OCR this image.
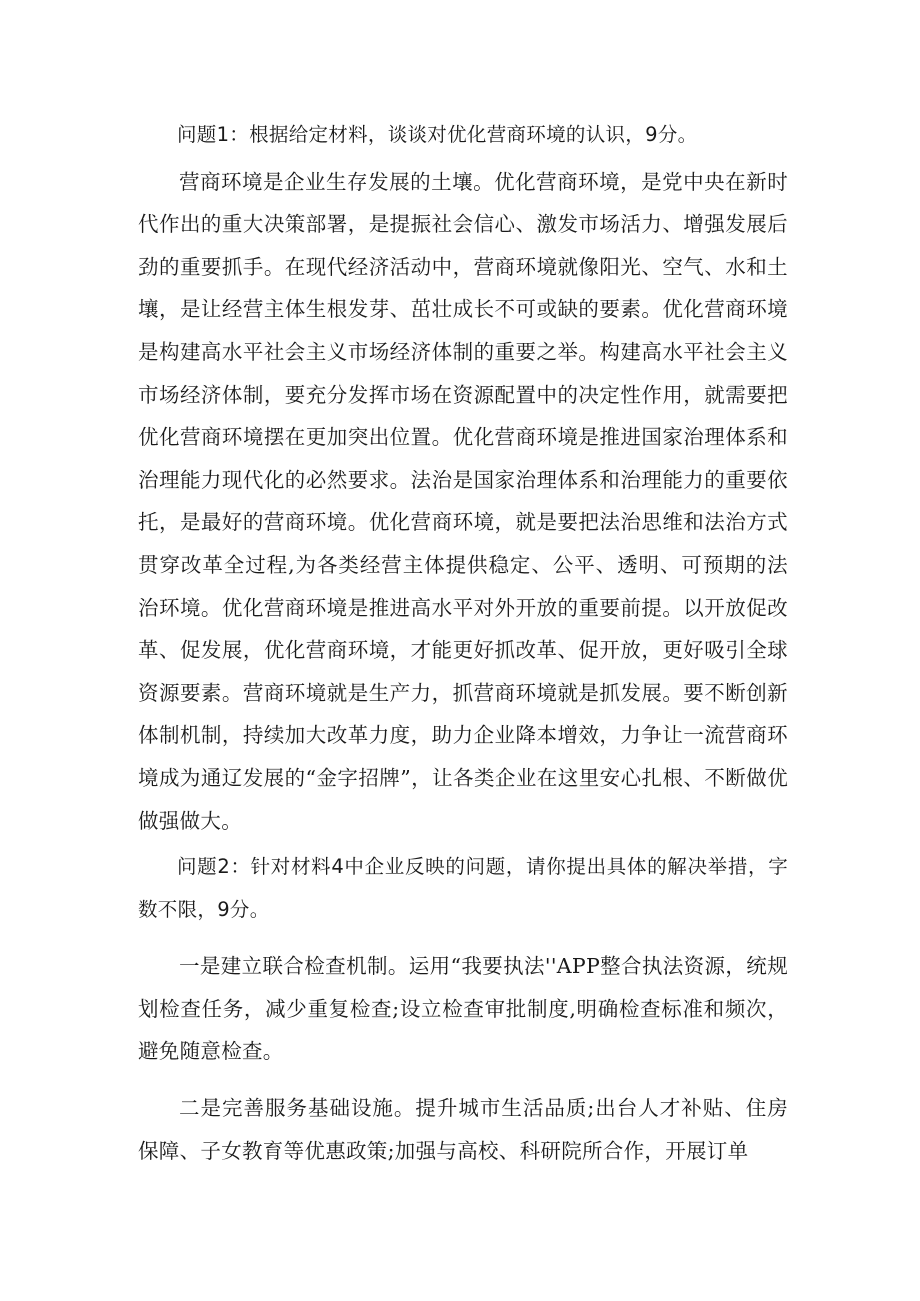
问题1：根据给定材料，谈谈对优化营商环境的认识，9分。

营商环境是企业生存发展的土壤。优化营商环境，是党中央在新时代作出的重大决策部署，是提振社会信心、激发市场活力、增强发展后劲的重要抓手。在现代经济活动中，营商环境就像阳光、空气、水和土壤，是让经营主体生根发芽、茁壮成长不可或缺的要素。优化营商环境是构建高水平社会主义市场经济体制的重要之举。构建高水平社会主义市场经济体制，要充分发挥市场在资源配置中的决定性作用，就需要把优化营商环境摆在更加突出位置。优化营商环境是推进国家治理体系和治理能力现代化的必然要求。法治是国家治理体系和治理能力的重要依托，是最好的营商环境。优化营商环境，就是要把法治思维和法治方式贯穿改革全过程,为各类经营主体提供稳定、公平、透明、可预期的法治环境。优化营商环境是推进高水平对外开放的重要前提。以开放促改革、促发展，优化营商环境，才能更好抓改革、促开放，更好吸引全球资源要素。营商环境就是生产力，抓营商环境就是抓发展。要不断创新体制机制，持续加大改革力度，助力企业降本增效，力争让一流营商环境成为通辽发展的“金字招牌”，让各类企业在这里安心扎根、不断做优做强做大。

问题2：针对材料4中企业反映的问题，请你提出具体的解决举措，字数不限，9分。

一是建立联合检查机制。运用“我要执法''APP整合执法资源，统规划检查任务，减少重复检查;设立检查审批制度,明确检查标准和频次，避免随意检查。

二是完善服务基础设施。提升城市生活品质;出台人才补贴、住房保障、子女教育等优惠政策;加强与高校、科研院所合作，开展订单
